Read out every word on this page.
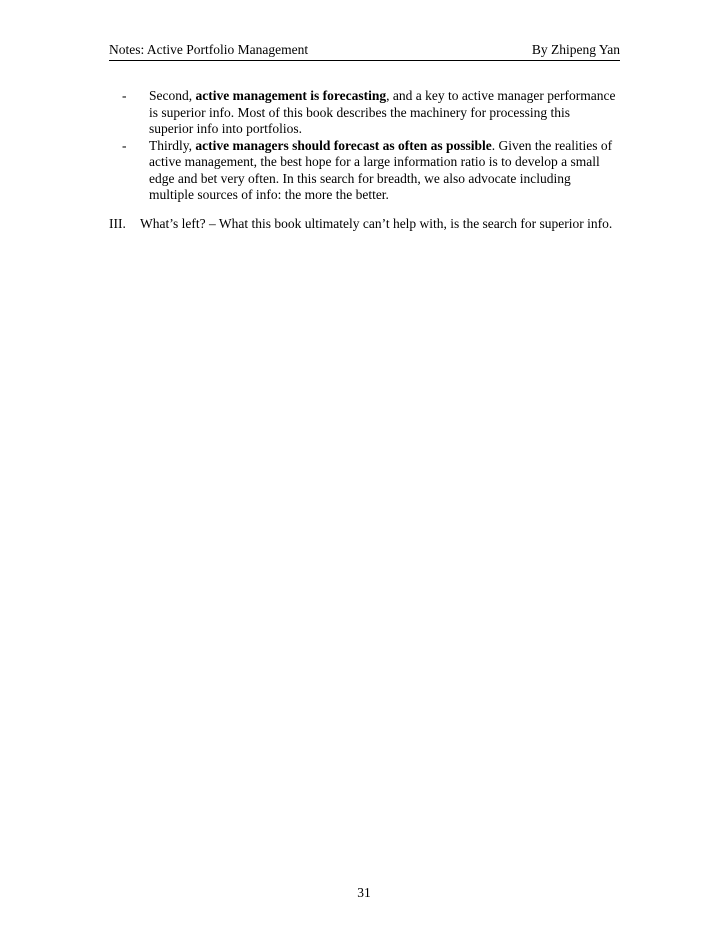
Notes: Active Portfolio Management	By Zhipeng Yan
-	Second, active management is forecasting, and a key to active manager performance is superior info. Most of this book describes the machinery for processing this superior info into portfolios.
-	Thirdly, active managers should forecast as often as possible. Given the realities of active management, the best hope for a large information ratio is to develop a small edge and bet very often. In this search for breadth, we also advocate including multiple sources of info: the more the better.
III.	What’s left? – What this book ultimately can’t help with, is the search for superior info.
31
